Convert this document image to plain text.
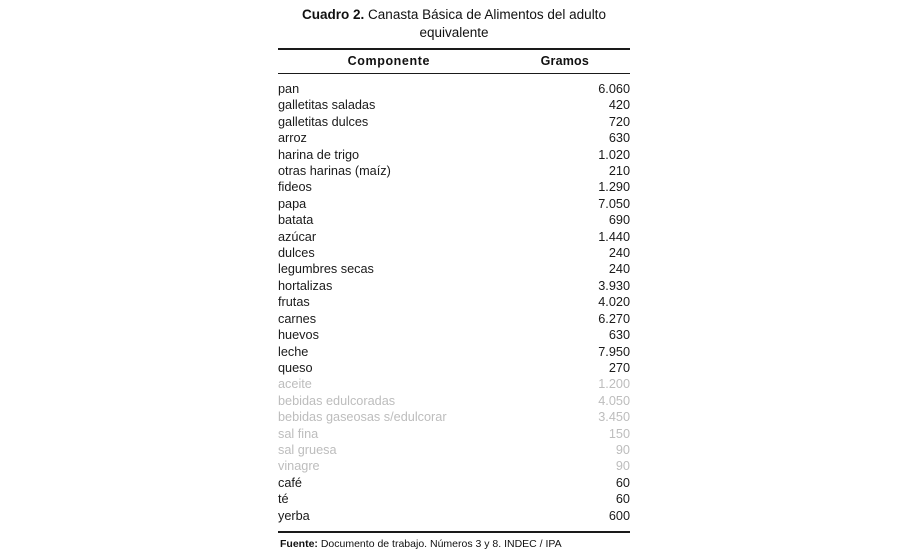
Cuadro 2. Canasta Básica de Alimentos del adulto equivalente
Componente	Gramos
pan	6.060
galletitas saladas	420
galletitas dulces	720
arroz	630
harina de trigo	1.020
otras harinas (maíz)	210
fideos	1.290
papa	7.050
batata	690
azúcar	1.440
dulces	240
legumbres secas	240
hortalizas	3.930
frutas	4.020
carnes	6.270
huevos	630
leche	7.950
queso	270
aceite	1.200
bebidas edulcoradas	4.050
bebidas gaseosas s/edulcorar	3.450
sal fina	150
sal gruesa	90
vinagre	90
café	60
té	60
yerba	600
Fuente: Documento de trabajo. Números 3 y 8. INDEC / IPA
